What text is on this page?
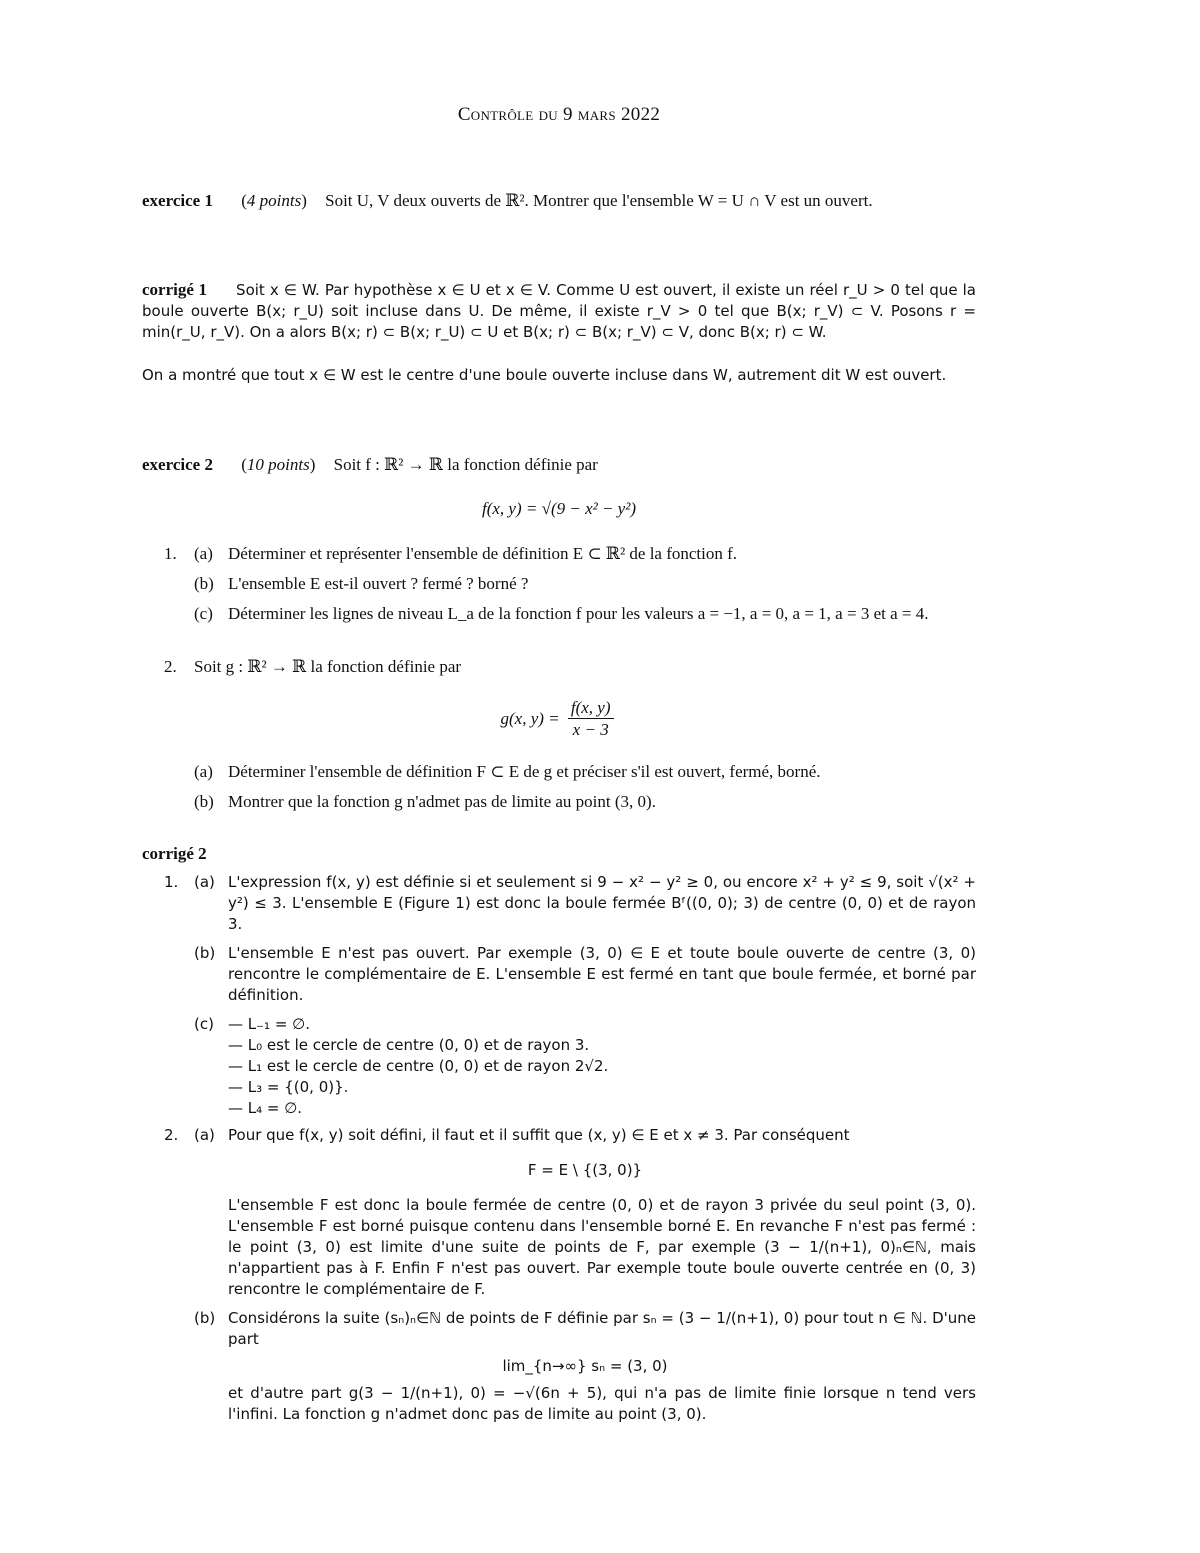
Contrôle du 9 mars 2022
exercice 1 ( 4 points ) Soit U, V deux ouverts de ℝ². Montrer que l'ensemble W = U ∩ V est un ouvert.
corrigé 1 Soit x ∈ W. Par hypothèse x ∈ U et x ∈ V. Comme U est ouvert, il existe un réel r_U > 0 tel que la boule ouverte B(x; r_U) soit incluse dans U. De même, il existe r_V > 0 tel que B(x; r_V) ⊂ V. Posons r = min(r_U, r_V). On a alors B(x; r) ⊂ B(x; r_U) ⊂ U et B(x; r) ⊂ B(x; r_V) ⊂ V, donc B(x; r) ⊂ W.
On a montré que tout x ∈ W est le centre d'une boule ouverte incluse dans W, autrement dit W est ouvert.
exercice 2 ( 10 points ) Soit f : ℝ² → ℝ la fonction définie par
f(x, y) = √(9 − x² − y²)
1.	(a) Déterminer et représenter l'ensemble de définition E ⊂ ℝ² de la fonction f.
(b) L'ensemble E est-il ouvert ? fermé ? borné ?
(c) Déterminer les lignes de niveau L_a de la fonction f pour les valeurs a = −1, a = 0, a = 1, a = 3 et a = 4.
2.	Soit g : ℝ² → ℝ la fonction définie par
g(x, $y) = \frac{f(x, y)}{x - 3}$
(a) Déterminer l'ensemble de définition F ⊂ E de g et préciser s'il est ouvert, fermé, borné.
(b) Montrer que la fonction g n'admet pas de limite au point (3, 0).
corrigé 2
1.	(a) L'expression f(x, y) est définie si et seulement si 9 − x² − y² ≥ 0, ou encore x² + y² ≤ 9, soit √(x² + y²) ≤ 3. L'ensemble E (Figure 1) est donc la boule fermée Bᶠ((0, 0); 3) de centre (0, 0) et de rayon 3.
(b) L'ensemble E n'est pas ouvert. Par exemple (3, 0) ∈ E et toute boule ouverte de centre (3, 0) rencontre le complémentaire de E. L'ensemble E est fermé en tant que boule fermée, et borné par définition.
(c) — L₋₁ = ∅.
— L₀ est le cercle de centre (0, 0) et de rayon 3.
— L₁ est le cercle de centre (0, 0) et de rayon 2√2.
— L₃ = {(0, 0)}.
— L₄ = ∅.
2.	(a) Pour que f(x, y) soit défini, il faut et il suffit que (x, y) ∈ E et x ≠ 3. Par conséquent
F = E \ {(3, 0)}
L'ensemble F est donc la boule fermée de centre (0, 0) et de rayon 3 privée du seul point (3, 0). L'ensemble F est borné puisque contenu dans l'ensemble borné E. En revanche F n'est pas fermé : le point (3, 0) est limite d'une suite de points de F, par exemple (3 − 1/(n+1), 0)ₙ∈ℕ, mais n'appartient pas à F. Enfin F n'est pas ouvert. Par exemple toute boule ouverte centrée en (0, 3) rencontre le complémentaire de F.
(b) Considérons la suite (sₙ)ₙ∈ℕ de points de F définie par sₙ = (3 − 1/(n+1), 0) pour tout n ∈ ℕ. D'une part
lim_{n→∞} sₙ = (3, 0)
et d'autre part g(3 − 1/(n+1), 0) = −√(6n + 5), qui n'a pas de limite finie lorsque n tend vers l'infini. La fonction g n'admet donc pas de limite au point (3, 0).
